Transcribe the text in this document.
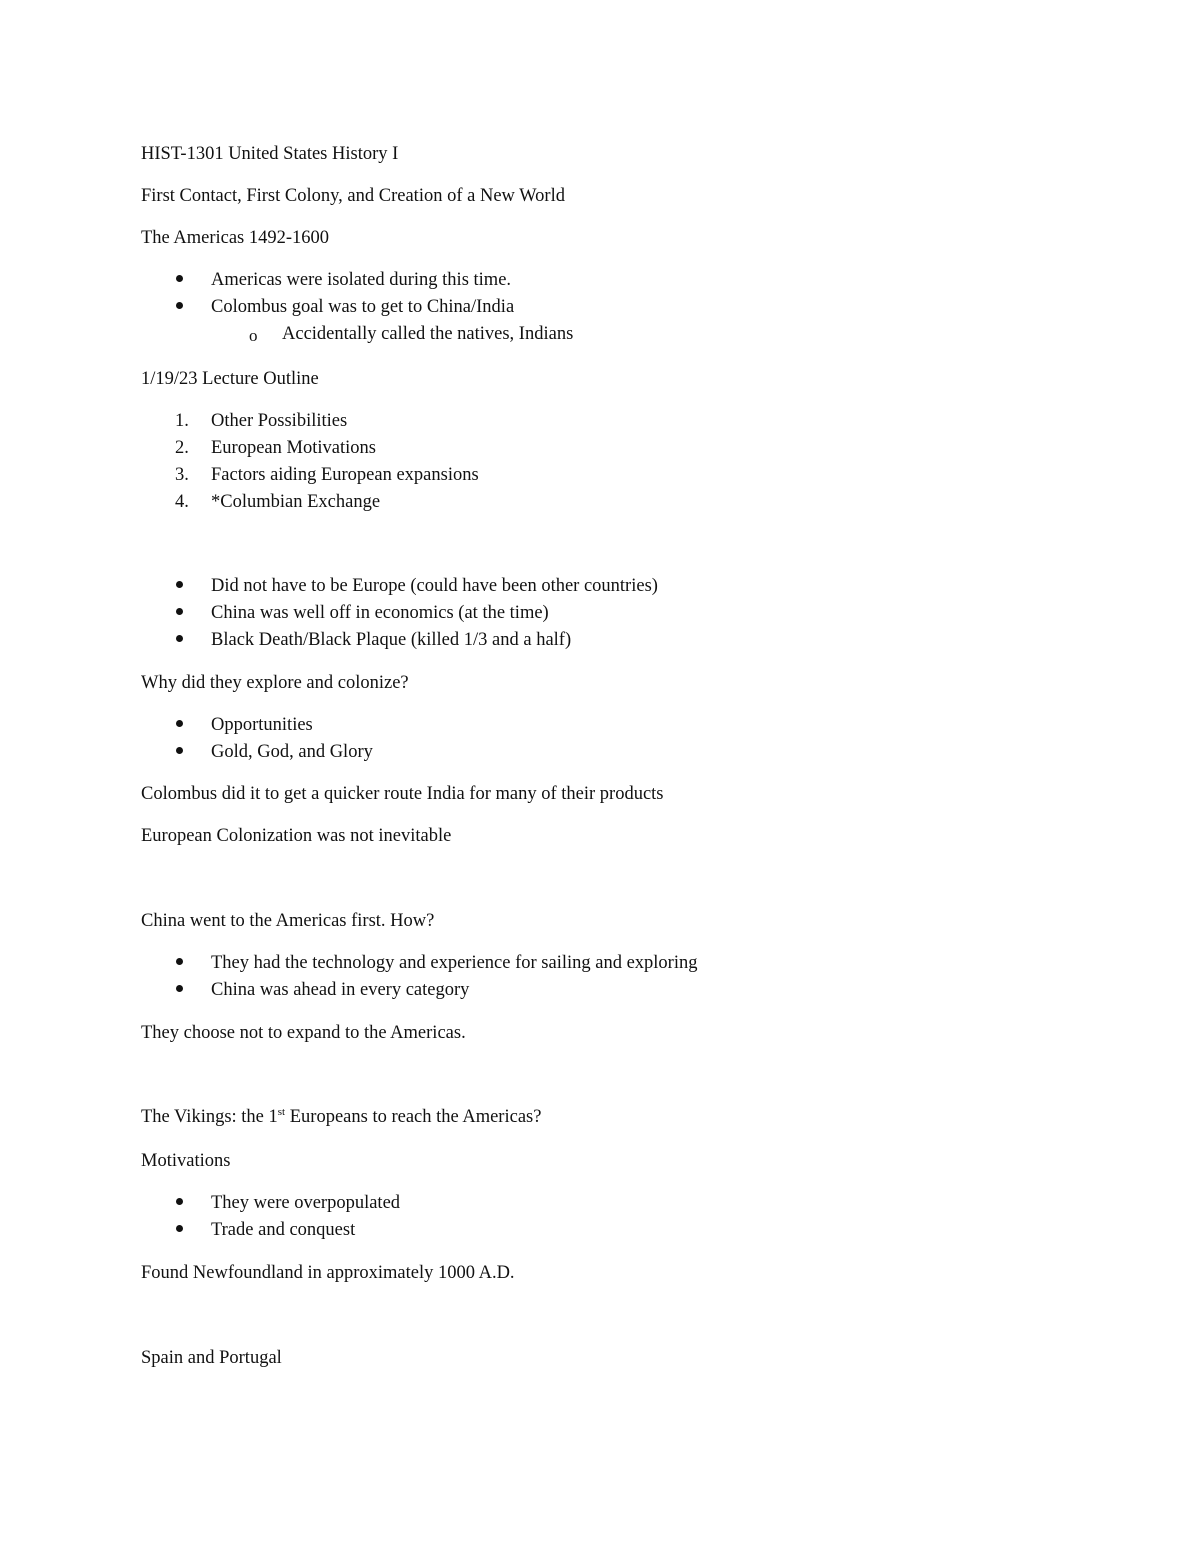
HIST-1301 United States History I
First Contact, First Colony, and Creation of a New World
The Americas 1492-1600
Americas were isolated during this time.
Colombus goal was to get to China/India
o Accidentally called the natives, Indians
1/19/23 Lecture Outline
1. Other Possibilities
2. European Motivations
3. Factors aiding European expansions
4. *Columbian Exchange
Did not have to be Europe (could have been other countries)
China was well off in economics (at the time)
Black Death/Black Plaque (killed 1/3 and a half)
Why did they explore and colonize?
Opportunities
Gold, God, and Glory
Colombus did it to get a quicker route India for many of their products
European Colonization was not inevitable
China went to the Americas first. How?
They had the technology and experience for sailing and exploring
China was ahead in every category
They choose not to expand to the Americas.
The Vikings: the 1st Europeans to reach the Americas?
Motivations
They were overpopulated
Trade and conquest
Found Newfoundland in approximately 1000 A.D.
Spain and Portugal
